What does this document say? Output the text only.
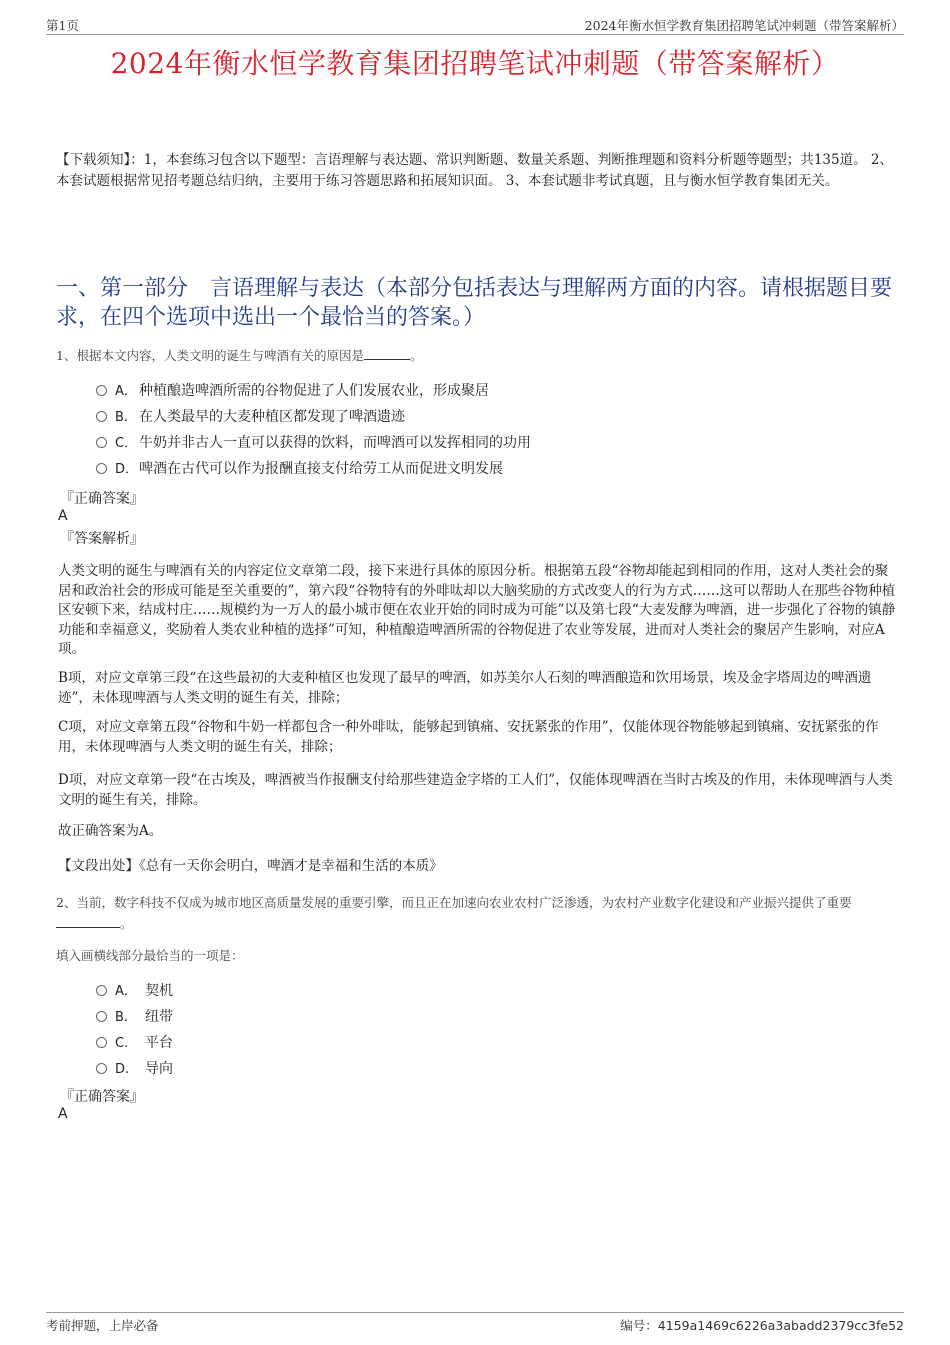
第1页	2024年衡水恒学教育集团招聘笔试冲刺题（带答案解析）
2024年衡水恒学教育集团招聘笔试冲刺题（带答案解析）
【下载须知】：1，本套练习包含以下题型：言语理解与表达题、常识判断题、数量关系题、判断推理题和资料分析题等题型；共135道。 2、本套试题根据常见招考题总结归纳，主要用于练习答题思路和拓展知识面。 3、本套试题非考试真题，且与衡水恒学教育集团无关。
一、第一部分　言语理解与表达（本部分包括表达与理解两方面的内容。请根据题目要求，在四个选项中选出一个最恰当的答案。）
1、根据本文内容，人类文明的诞生与啤酒有关的原因是	。
A． 种植酿造啤酒所需的谷物促进了人们发展农业，形成聚居
B. 在人类最早的大麦种植区都发现了啤酒遗迹
C． 牛奶并非古人一直可以获得的饮料，而啤酒可以发挥相同的功用
D．啤酒在古代可以作为报酬直接支付给劳工从而促进文明发展
『正确答案』
A
『答案解析』
人类文明的诞生与啤酒有关的内容定位文章第二段，接下来进行具体的原因分析。根据第五段“谷物却能起到相同的作用，这对人类社会的聚居和政治社会的形成可能是至关重要的”，第六段“谷物特有的外啡呔却以大脑奖励的方式改变人的行为方式……这可以帮助人在那些谷物种植区安顿下来，结成村庄……规模约为一万人的最小城市便在农业开始的同时成为可能”以及第七段“大麦发酵为啤酒，进一步强化了谷物的镇静功能和幸福意义，奖励着人类农业种植的选择”可知，种植酿造啤酒所需的谷物促进了农业等发展，进而对人类社会的聚居产生影响，对应A项。
B项，对应文章第三段“在这些最初的大麦种植区也发现了最早的啤酒，如苏美尔人石刻的啤酒酿造和饮用场景，埃及金字塔周边的啤酒遗迹”，未体现啤酒与人类文明的诞生有关，排除；
C项，对应文章第五段“谷物和牛奶一样都包含一种外啡呔，能够起到镇痛、安抚紧张的作用”，仅能体现谷物能够起到镇痛、安抚紧张的作用，未体现啤酒与人类文明的诞生有关，排除；
D项，对应文章第一段“在古埃及，啤酒被当作报酬支付给那些建造金字塔的工人们”，仅能体现啤酒在当时古埃及的作用，未体现啤酒与人类文明的诞生有关，排除。
故正确答案为A。
【文段出处】《总有一天你会明白，啤酒才是幸福和生活的本质》
2、当前，数字科技不仅成为城市地区高质量发展的重要引擎，而且正在加速向农业农村广泛渗透，为农村产业数字化建设和产业振兴提供了重要。
填入画横线部分最恰当的一项是：
A． 契机
B. 纽带
C. 平台
D. 导向
『正确答案』
A
考前押题，上岸必备	编号：4159a1469c6226a3abadd2379cc3fe52
